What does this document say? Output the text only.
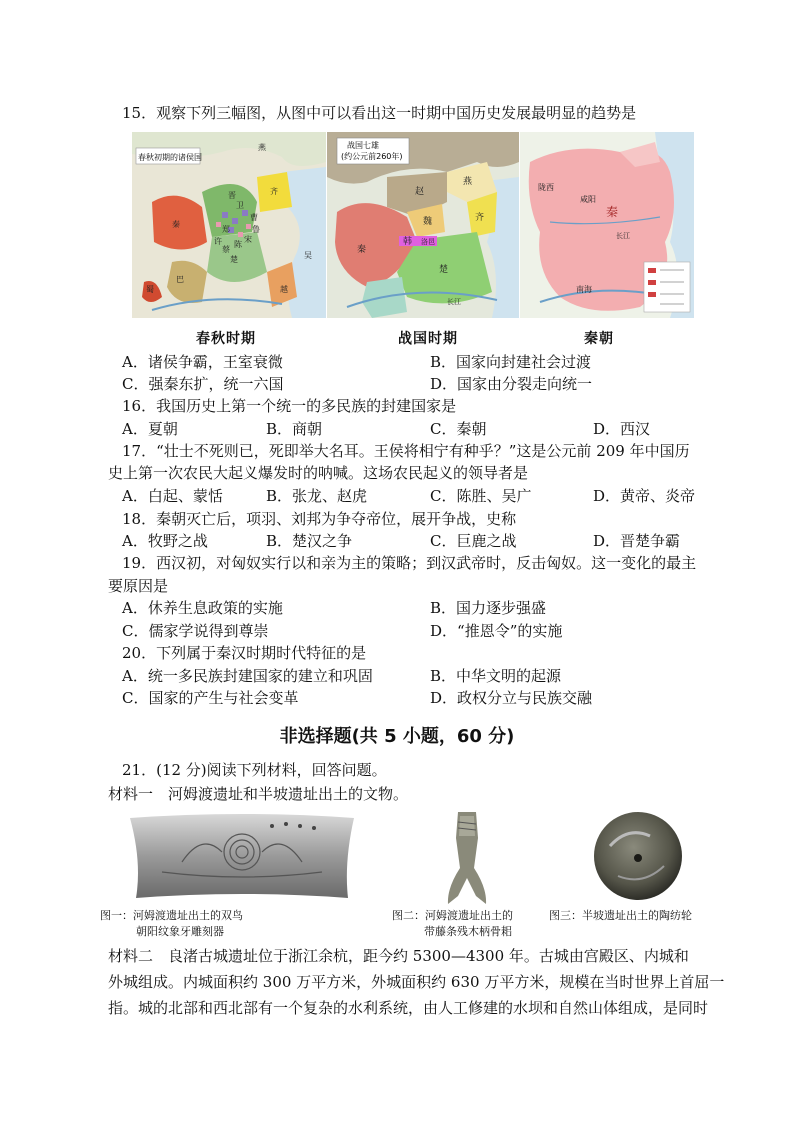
15．观察下列三幅图，从图中可以看出这一时期中国历史发展最明显的趋势是
春秋初期的诸侯国
鲁
齐
晋
秦
楚
燕
吴
越
卫
宋
郑
陈
蔡
曹
许
巴
蜀
战国七雄
(约公元前260年)
燕
赵
魏
韩
齐
秦
楚
洛邑
长江
咸阳
秦
陇西
南海
长江
春秋时期	战国时期	秦朝
A．诸侯争霸，王室衰微	B．国家向封建社会过渡
C．强秦东扩，统一六国	D．国家由分裂走向统一
16．我国历史上第一个统一的多民族的封建国家是
A．夏朝	B．商朝	C．秦朝	D．西汉
17．“壮士不死则已，死即举大名耳。王侯将相宁有种乎？”这是公元前 209 年中国历
史上第一次农民大起义爆发时的呐喊。这场农民起义的领导者是
A．白起、蒙恬	B．张龙、赵虎	C．陈胜、吴广	D．黄帝、炎帝
18．秦朝灭亡后，项羽、刘邦为争夺帝位，展开争战，史称
A．牧野之战	B．楚汉之争	C．巨鹿之战	D．晋楚争霸
19．西汉初，对匈奴实行以和亲为主的策略；到汉武帝时，反击匈奴。这一变化的最主
要原因是
A．休养生息政策的实施	B．国力逐步强盛
C．儒家学说得到尊崇	D．“推恩令”的实施
20．下列属于秦汉时期时代特征的是
A．统一多民族封建国家的建立和巩固	B．中华文明的起源
C．国家的产生与社会变革	D．政权分立与民族交融
非选择题(共 5 小题，60 分)
21．(12 分)阅读下列材料，回答问题。
材料一　河姆渡遗址和半坡遗址出土的文物。
图一：河姆渡遗址出土的双鸟
朝阳纹象牙雕刻器
图二：河姆渡遗址出土的
带藤条残木柄骨耜
图三：半坡遗址出土的陶纺轮
材料二　良渚古城遗址位于浙江余杭，距今约 5300—4300 年。古城由宫殿区、内城和
外城组成。内城面积约 300 万平方米，外城面积约 630 万平方米，规模在当时世界上首屈一
指。城的北部和西北部有一个复杂的水利系统，由人工修建的水坝和自然山体组成，是同时
